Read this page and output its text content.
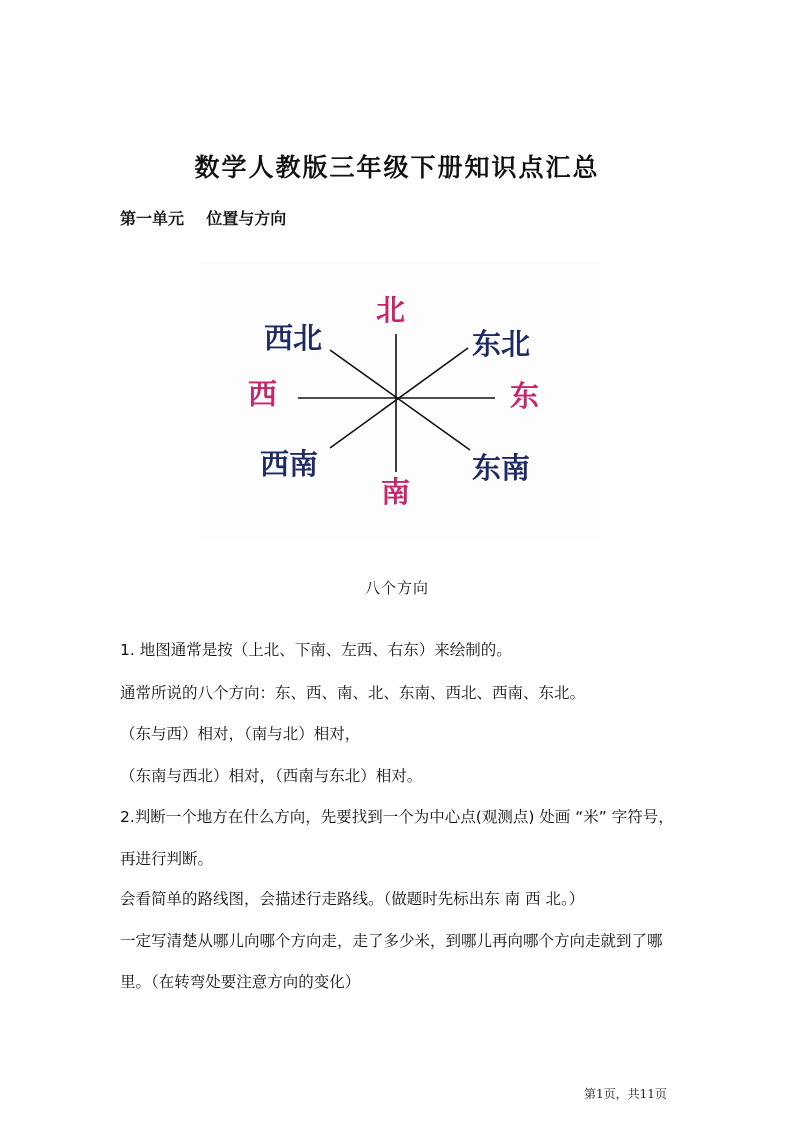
数学人教版三年级下册知识点汇总
第一单元    位置与方向
北
西北	东北
西	东
西南	东南
南
八个方向
1. 地图通常是按（上北、下南、左西、右东）来绘制的。
通常所说的八个方向：东、西、南、北、东南、西北、西南、东北。
（东与西）相对，（南与北）相对，
（东南与西北）相对，（西南与东北）相对。
2.判断一个地方在什么方向，先要找到一个为中心点(观测点) 处画 “米” 字符号，
再进行判断。
会看简单的路线图，会描述行走路线。（做题时先标出东 南 西 北。）
一定写清楚从哪儿向哪个方向走，走了多少米，到哪儿再向哪个方向走就到了哪
里。（在转弯处要注意方向的变化）
第1页，共11页
